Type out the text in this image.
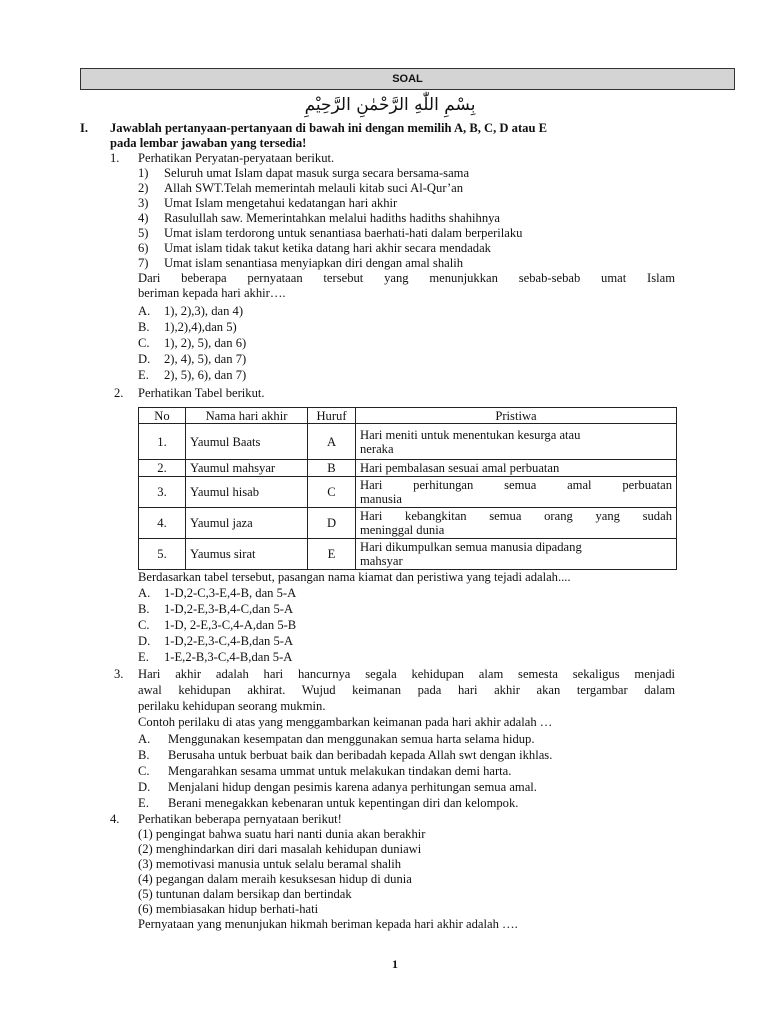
SOAL
بِسْمِ اللّٰهِ الرَّحْمٰنِ الرَّحِيْمِ
I. Jawablah pertanyaan-pertanyaan di bawah ini dengan memilih A, B, C, D atau E
pada lembar jawaban yang tersedia!
1. Perhatikan Peryatan-peryataan berikut.
1) Seluruh umat Islam dapat masuk surga secara bersama-sama
2) Allah SWT.Telah memerintah melauli kitab suci Al-Qur’an
3) Umat Islam mengetahui kedatangan hari akhir
4) Rasulullah saw. Memerintahkan melalui hadiths hadiths shahihnya
5) Umat islam terdorong untuk senantiasa baerhati-hati dalam berperilaku
6) Umat islam tidak takut ketika datang hari akhir secara mendadak
7) Umat islam senantiasa menyiapkan diri dengan amal shalih
Dari beberapa pernyataan tersebut yang menunjukkan sebab-sebab umat Islam
beriman kepada hari akhir….
A. 1), 2),3), dan 4)
B. 1),2),4),dan 5)
C. 1), 2), 5), dan 6)
D. 2), 4), 5), dan 7)
E. 2), 5), 6), dan 7)
2. Perhatikan Tabel berikut.
No	Nama hari akhir	Huruf	Pristiwa
1.	Yaumul Baats	A	Hari meniti untuk menentukan kesurga atau
neraka

2.	Yaumul mahsyar	B	Hari pembalasan sesuai amal perbuatan

3.	Yaumul hisab	C	Hari perhitungan semua amal perbuatan
manusia

4.	Yaumul jaza	D	Hari kebangkitan semua orang yang sudah
meninggal dunia

5.	Yaumus sirat	E	Hari dikumpulkan semua manusia dipadang
mahsyar
Berdasarkan tabel tersebut, pasangan nama kiamat dan peristiwa yang tejadi adalah....
A. 1-D,2-C,3-E,4-B, dan 5-A
B. 1-D,2-E,3-B,4-C,dan 5-A
C. 1-D, 2-E,3-C,4-A,dan 5-B
D. 1-D,2-E,3-C,4-B,dan 5-A
E. 1-E,2-B,3-C,4-B,dan 5-A
3. Hari akhir adalah hari hancurnya segala kehidupan alam semesta sekaligus menjadi
awal kehidupan akhirat. Wujud keimanan pada hari akhir akan tergambar dalam
perilaku kehidupan seorang mukmin.
Contoh perilaku di atas yang menggambarkan keimanan pada hari akhir adalah …
A. Menggunakan kesempatan dan menggunakan semua harta selama hidup.
B. Berusaha untuk berbuat baik dan beribadah kepada Allah swt dengan ikhlas.
C. Mengarahkan sesama ummat untuk melakukan tindakan demi harta.
D. Menjalani hidup dengan pesimis karena adanya perhitungan semua amal.
E. Berani menegakkan kebenaran untuk kepentingan diri dan kelompok.
4. Perhatikan beberapa pernyataan berikut!
(1) pengingat bahwa suatu hari nanti dunia akan berakhir
(2) menghindarkan diri dari masalah kehidupan duniawi
(3) memotivasi manusia untuk selalu beramal shalih
(4) pegangan dalam meraih kesuksesan hidup di dunia
(5) tuntunan dalam bersikap dan bertindak
(6) membiasakan hidup berhati-hati
Pernyataan yang menunjukan hikmah beriman kepada hari akhir adalah ….
1
